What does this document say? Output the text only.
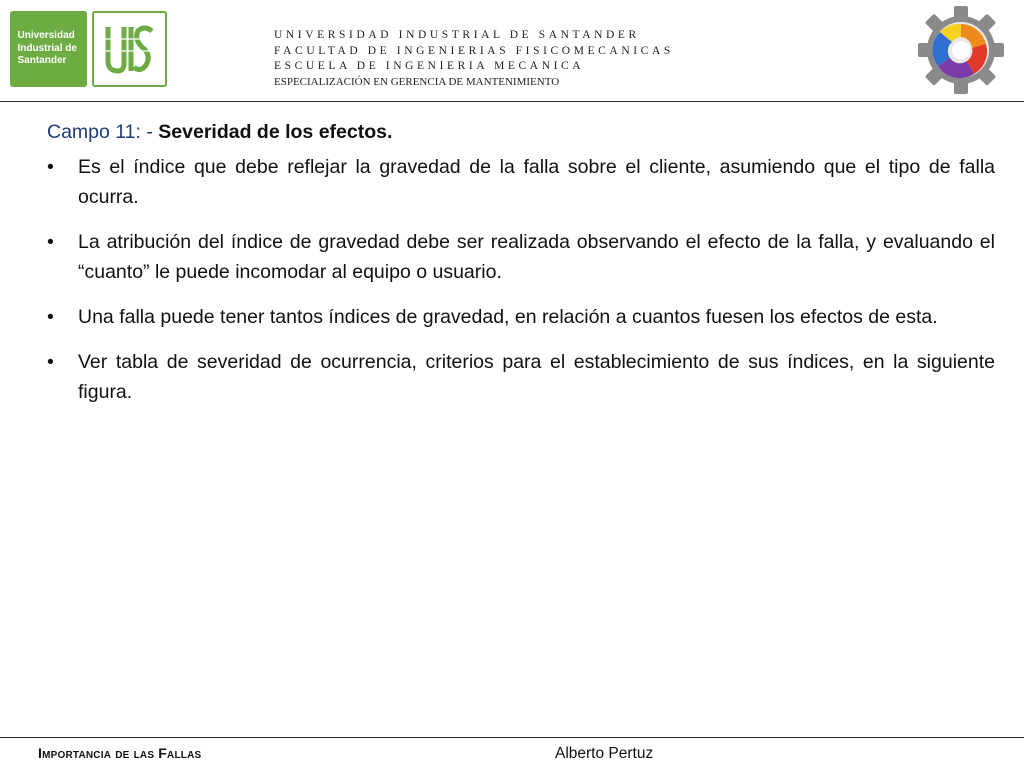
Universidad
Industrial de
Santander
UNIVERSIDAD INDUSTRIAL DE SANTANDER
FACULTAD DE INGENIERIAS FISICOMECANICAS
ESCUELA DE INGENIERIA MECANICA
ESPECIALIZACIÓN EN GERENCIA DE MANTENIMIENTO
Campo 11: - Severidad de los efectos.
• Es el índice que debe reflejar la gravedad de la falla sobre el cliente, asumiendo que el tipo de falla ocurra.
• La atribución del índice de gravedad debe ser realizada observando el efecto de la falla, y evaluando el “cuanto” le puede incomodar al equipo o usuario.
• Una falla puede tener tantos índices de gravedad, en relación a cuantos fuesen los efectos de esta.
• Ver tabla de severidad de ocurrencia, criterios para el establecimiento de sus índices, en la siguiente figura.
Importancia de las Fallas	Alberto Pertuz
